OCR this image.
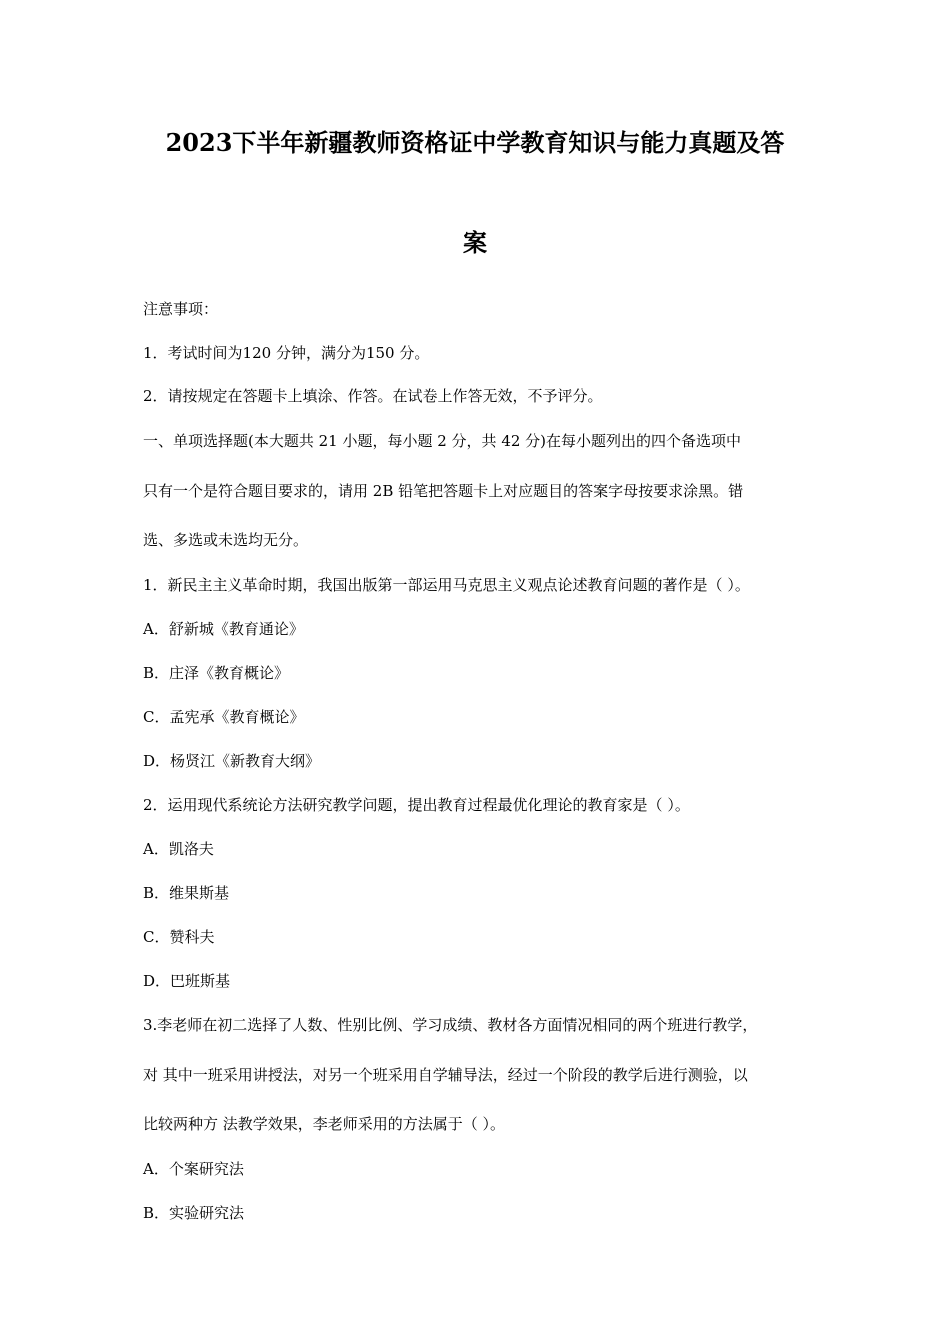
2023下半年新疆教师资格证中学教育知识与能力真题及答
案
注意事项：
1．考试时间为120 分钟，满分为150 分。
2．请按规定在答题卡上填涂、作答。在试卷上作答无效，不予评分。
一、单项选择题(本大题共 21 小题，每小题 2 分，共 42 分)在每小题列出的四个备选项中
只有一个是符合题目要求的，请用 2B 铅笔把答题卡上对应题目的答案字母按要求涂黑。错
选、多选或未选均无分。
1．新民主主义革命时期，我国出版第一部运用马克思主义观点论述教育问题的著作是（ ）。
A．舒新城《教育通论》
B．庄泽《教育概论》
C．孟宪承《教育概论》
D．杨贤江《新教育大纲》
2．运用现代系统论方法研究教学问题，提出教育过程最优化理论的教育家是（ ）。
A．凯洛夫
B．维果斯基
C．赞科夫
D．巴班斯基
3.李老师在初二选择了人数、性别比例、学习成绩、教材各方面情况相同的两个班进行教学，
对 其中一班采用讲授法，对另一个班采用自学辅导法，经过一个阶段的教学后进行测验，以
比较两种方 法教学效果，李老师采用的方法属于（ ）。
A．个案研究法
B．实验研究法
